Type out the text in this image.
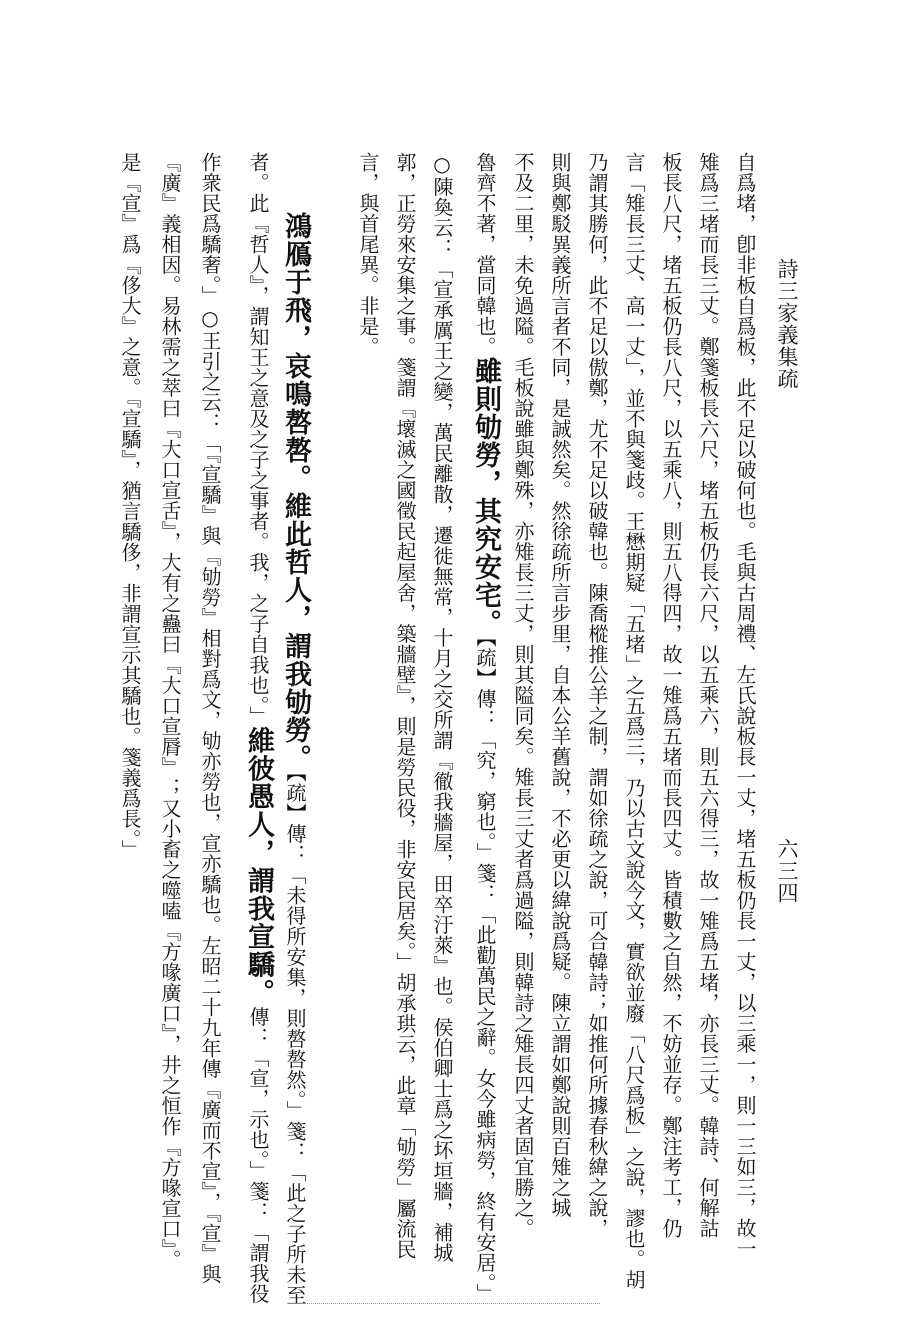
詩三家義集疏
六三四
自爲堵，卽非板自爲板，此不足以破何也。毛與古周禮、左氏說板長一丈，堵五板仍長一丈，以三乘一，則一三如三，故一
雉爲三堵而長三丈。鄭箋板長六尺，堵五板仍長六尺，以五乘六，則五六得三，故一雉爲五堵，亦長三丈。韓詩、何解詁
板長八尺，堵五板仍長八尺，以五乘八，則五八得四，故一雉爲五堵而長四丈。皆積數之自然，不妨並存。鄭注考工，仍
言「雉長三丈、高一丈」，並不與箋歧。王懋期疑「五堵」之五爲三，乃以古文說今文，實欲並廢「八尺爲板」之說，謬也。胡
乃謂其勝何，此不足以傲鄭，尤不足以破韓也。陳喬樅推公羊之制，謂如徐疏之說，可合韓詩；如推何所據春秋緯之說，
則與鄭駁異義所言者不同，是誠然矣。然徐疏所言步里，自本公羊舊說，不必更以緯說爲疑。陳立謂如鄭說則百雉之城
不及二里，未免過隘。毛板說雖與鄭殊，亦雉長三丈，則其隘同矣。雉長三丈者爲過隘，則韓詩之雉長四丈者固宜勝之。
魯齊不著，當同韓也。雖則劬勞，其究安宅。【疏】傳：「究，窮也。」箋：「此勸萬民之辭。女今雖病勞，終有安居。」
○陳奐云：「宣承厲王之變，萬民離散，遷徙無常，十月之交所謂『徹我牆屋，田卒汙萊』也。侯伯卿士爲之坏垣牆，補城
郭，正勞來安集之事。箋謂『壞滅之國徵民起屋舍，築牆壁』，則是勞民役，非安民居矣。」胡承珙云，此章「劬勞」屬流民
言，與首尾異。非是。
鴻鴈于飛，哀鳴嗸嗸。維此哲人，謂我劬勞。【疏】傳：「未得所安集，則嗸嗸然。」箋：「此之子所未至
者。此『哲人』，謂知王之意及之子之事者。我，之子自我也。」維彼愚人，謂我宣驕。傳：「宣，示也。」箋：「謂我役
作衆民爲驕奢。」○王引之云：「『宣驕』與『劬勞』相對爲文，劬亦勞也，宣亦驕也。左昭二十九年傳『廣而不宣』，『宣』與
『廣』義相因。易林需之萃曰『大口宣舌』，大有之蠱曰『大口宣脣』；又小畜之噬嗑『方喙廣口』，井之恒作『方喙宣口』。
是『宣』爲『侈大』之意。『宣驕』，猶言驕侈，非謂宣示其驕也。箋義爲長。」
